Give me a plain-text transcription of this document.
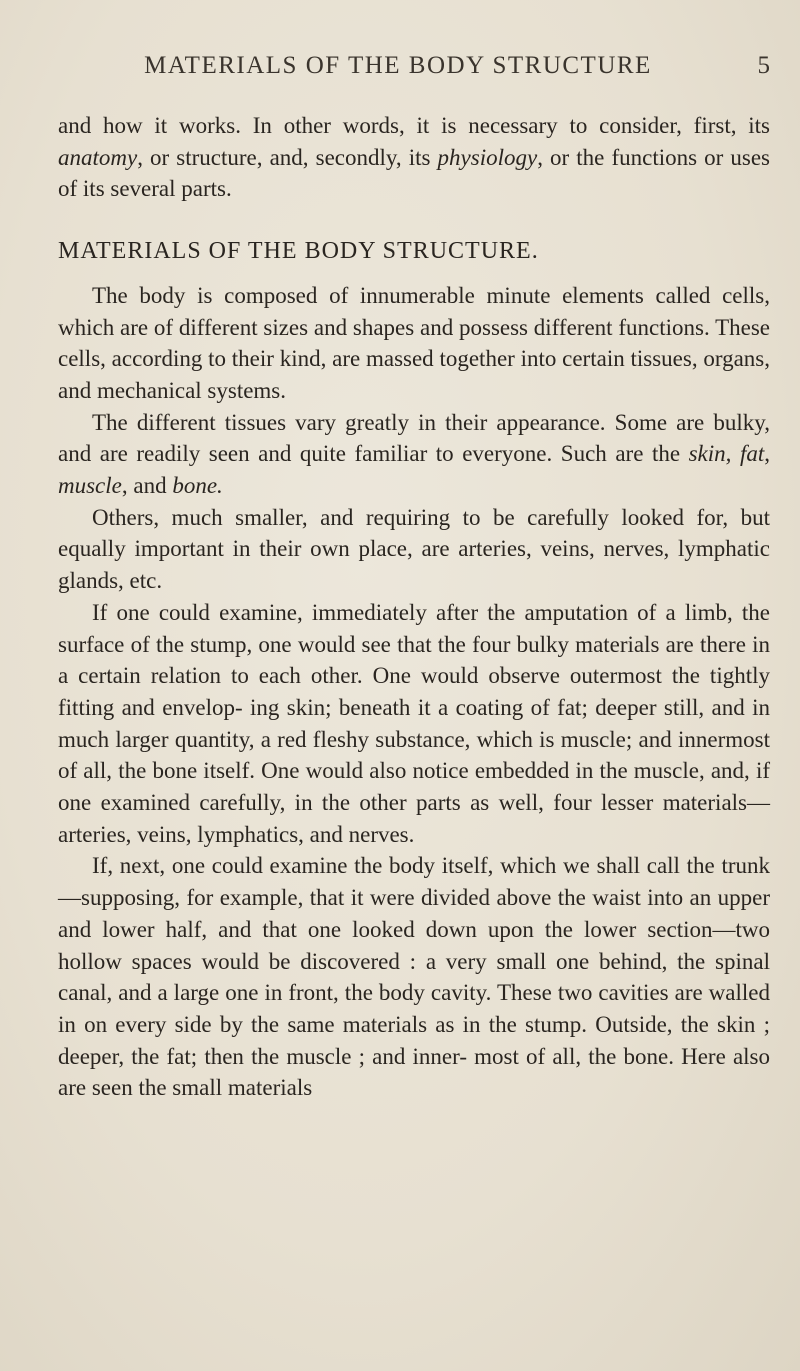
MATERIALS OF THE BODY STRUCTURE	5

and how it works. In other words, it is necessary to consider, first, its anatomy, or structure, and, secondly, its physiology, or the functions or uses of its several parts.

MATERIALS OF THE BODY STRUCTURE.

The body is composed of innumerable minute elements called cells, which are of different sizes and shapes and possess different functions. These cells, according to their kind, are massed together into certain tissues, organs, and mechanical systems.

The different tissues vary greatly in their appearance. Some are bulky, and are readily seen and quite familiar to everyone. Such are the skin, fat, muscle, and bone.

Others, much smaller, and requiring to be carefully looked for, but equally important in their own place, are arteries, veins, nerves, lymphatic glands, etc.

If one could examine, immediately after the amputation of a limb, the surface of the stump, one would see that the four bulky materials are there in a certain relation to each other. One would observe outermost the tightly fitting and envelop- ing skin; beneath it a coating of fat; deeper still, and in much larger quantity, a red fleshy substance, which is muscle; and innermost of all, the bone itself. One would also notice embedded in the muscle, and, if one examined carefully, in the other parts as well, four lesser materials—arteries, veins, lymphatics, and nerves.

If, next, one could examine the body itself, which we shall call the trunk—supposing, for example, that it were divided above the waist into an upper and lower half, and that one looked down upon the lower section—two hollow spaces would be discovered : a very small one behind, the spinal canal, and a large one in front, the body cavity. These two cavities are walled in on every side by the same materials as in the stump. Outside, the skin ; deeper, the fat; then the muscle ; and inner- most of all, the bone. Here also are seen the small materials
